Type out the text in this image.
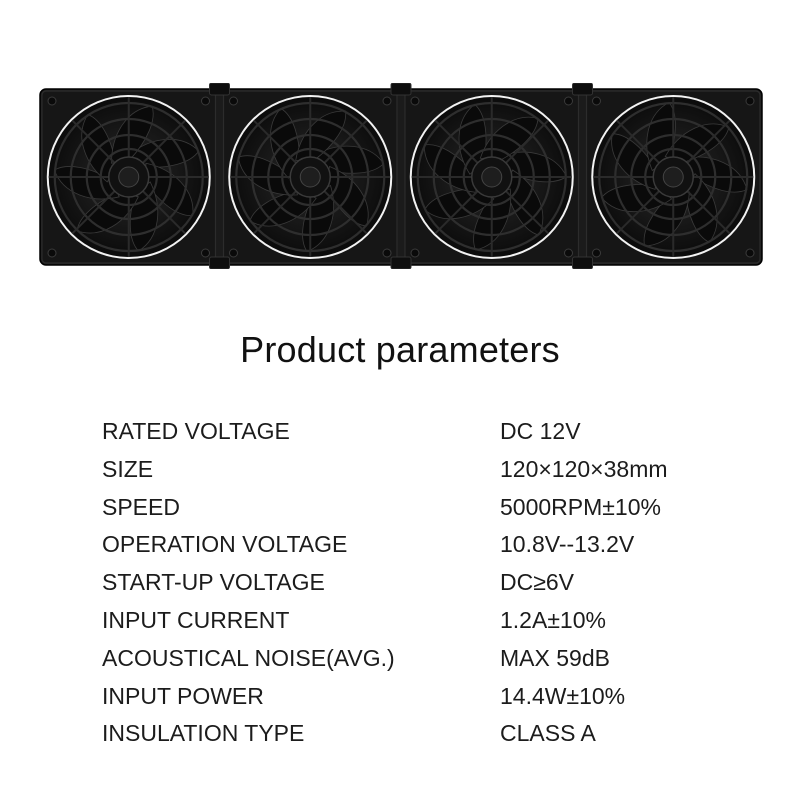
Product parameters
RATED VOLTAGE	DC 12V
SIZE	120×120×38mm
SPEED	5000RPM±10%
OPERATION VOLTAGE	10.8V--13.2V
START-UP VOLTAGE	DC≥6V
INPUT CURRENT	1.2A±10%
ACOUSTICAL NOISE(AVG.)	MAX 59dB
INPUT POWER	14.4W±10%
INSULATION TYPE	CLASS A
